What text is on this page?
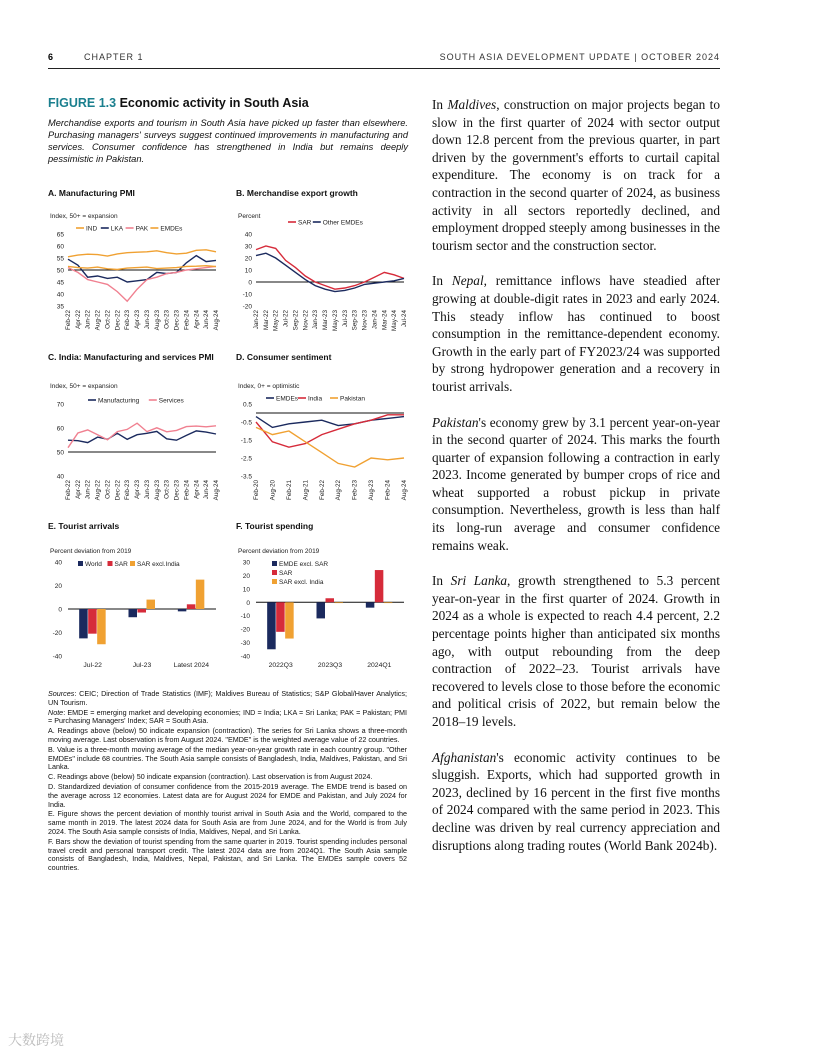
6	CHAPTER 1	SOUTH ASIA DEVELOPMENT UPDATE | OCTOBER 2024

FIGURE 1.3 Economic activity in South Asia

Merchandise exports and tourism in South Asia have picked up faster than elsewhere. Purchasing managers' surveys suggest continued improvements in manufacturing and services. Consumer confidence has strengthened in India but remains deeply pessimistic in Pakistan.

A. Manufacturing PMI	B. Merchandise export growth
C. India: Manufacturing and services PMI	D. Consumer sentiment
E. Tourist arrivals	F. Tourist spending
Index, 50+ = expansion
35
40
45
50
55
60
65
Feb-22 Apr-22 Jun-22 Aug-22 Oct-22 Dec-22 Feb-23 Apr-23 Jun-23 Aug-23 Oct-23 Dec-23 Feb-24 Apr-24 Jun-24 Aug-24
IND LKA PAK EMDEs
Percent
-20
-10
0
10
20
30
40
Jan-22 Mar-22 May-22 Jul-22 Sep-22 Nov-22 Jan-23 Mar-23 May-23 Jul-23 Sep-23 Nov-23 Jan-24 Mar-24 May-24 Jul-24
SAR Other EMDEs
Index, 50+ = expansion
40
50
60
70
Feb-22 Apr-22 Jun-22 Aug-22 Oct-22 Dec-22 Feb-23 Apr-23 Jun-23 Aug-23 Oct-23 Dec-23 Feb-24 Apr-24 Jun-24 Aug-24
Manufacturing	Services
Index, 0+ = optimistic
-3.5
-2.5
-1.5
-0.5
0.5
Feb-20 Aug-20 Feb-21 Aug-21 Feb-22 Aug-22 Feb-23 Aug-23 Feb-24 Aug-24
EMDEs India	Pakistan
Percent deviation from 2019
-40
-20
0
20
40
Jul-22	Jul-23	Latest 2024
World SAR SAR excl.India
Percent deviation from 2019
-40
-30
-20
-10
0
10
20
30
2022Q3	2023Q3	2024Q1
EMDE excl. SAR
SAR
SAR excl. India

Sources: CEIC; Direction of Trade Statistics (IMF); Maldives Bureau of Statistics; S&P Global/Haver Analytics; UN Tourism.

Note: EMDE = emerging market and developing economies; IND = India; LKA = Sri Lanka; PAK = Pakistan; PMI = Purchasing Managers' Index; SAR = South Asia.

A. Readings above (below) 50 indicate expansion (contraction). The series for Sri Lanka shows a three-month moving average. Last observation is from August 2024. "EMDE" is the weighted average value of 22 countries.

B. Value is a three-month moving average of the median year-on-year growth rate in each country group. "Other EMDEs" include 68 countries. The South Asia sample consists of Bangladesh, India, Maldives, Pakistan, and Sri Lanka.

C. Readings above (below) 50 indicate expansion (contraction). Last observation is from August 2024.

D. Standardized deviation of consumer confidence from the 2015-2019 average. The EMDE trend is based on the average across 12 economies. Latest data are for August 2024 for EMDE and Pakistan, and July 2024 for India.

E. Figure shows the percent deviation of monthly tourist arrival in South Asia and the World, compared to the same month in 2019. The latest 2024 data for South Asia are from June 2024, and for the World is from July 2024. The South Asia sample consists of India, Maldives, Nepal, and Sri Lanka.

F. Bars show the deviation of tourist spending from the same quarter in 2019. Tourist spending includes personal travel credit and personal transport credit. The latest 2024 data are from 2024Q1. The South Asia sample consists of Bangladesh, India, Maldives, Nepal, Pakistan, and Sri Lanka. The EMDEs sample covers 52 countries.

In Maldives, construction on major projects began to slow in the first quarter of 2024 with sector output down 12.8 percent from the previous quarter, in part driven by the government's efforts to curtail capital expenditure. The economy is on track for a contraction in the second quarter of 2024, as business activity in all sectors reportedly declined, and employment dropped steeply among businesses in the tourism sector and the construction sector.

In Nepal, remittance inflows have steadied after growing at double-digit rates in 2023 and early 2024. This steady inflow has continued to boost consumption in the remittance-dependent economy. Growth in the early part of FY2023/24 was supported by strong hydropower generation and a recovery in tourist arrivals.

Pakistan's economy grew by 3.1 percent year-on-year in the second quarter of 2024. This marks the fourth quarter of expansion following a contraction in early 2023. Income generated by bumper crops of rice and wheat supported a robust pickup in private consumption. Nevertheless, growth is less than half its long-run average and consumer confidence remains weak.

In Sri Lanka, growth strengthened to 5.3 percent year-on-year in the first quarter of 2024. Growth in 2024 as a whole is expected to reach 4.4 percent, 2.2 percentage points higher than anticipated six months ago, with output rebounding from the deep contraction of 2022–23. Tourist arrivals have recovered to levels close to those before the economic and political crisis of 2022, but remain below the 2018–19 levels.

Afghanistan's economic activity continues to be sluggish. Exports, which had supported growth in 2023, declined by 16 percent in the first five months of 2024 compared with the same period in 2023. This decline was driven by real currency appreciation and disruptions along trading routes (World Bank 2024b).

大数跨境
